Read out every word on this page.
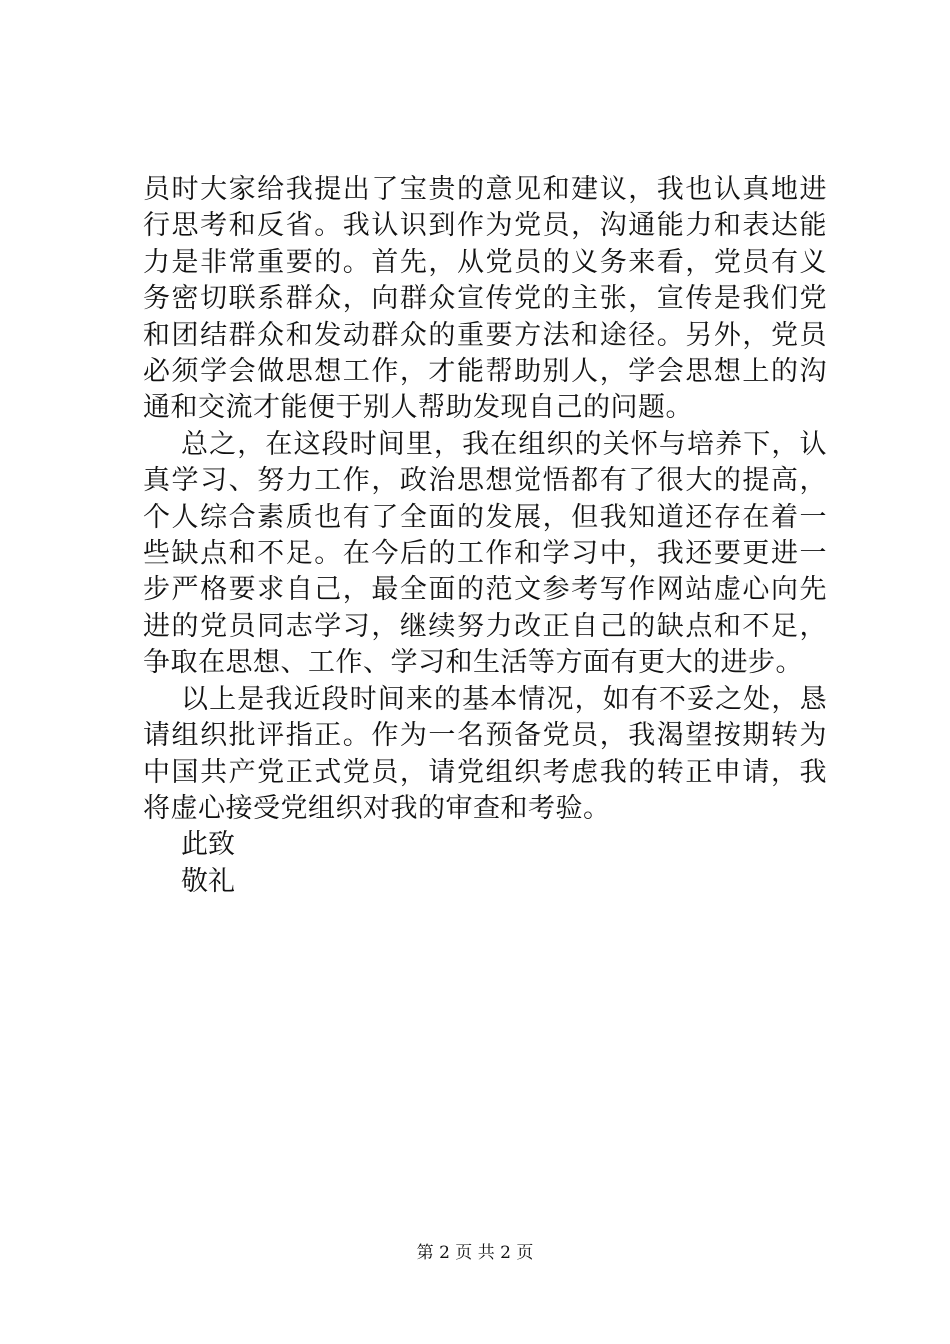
员时大家给我提出了宝贵的意见和建议，我也认真地进行思考和反省。我认识到作为党员，沟通能力和表达能力是非常重要的。首先，从党员的义务来看，党员有义务密切联系群众，向群众宣传党的主张，宣传是我们党和团结群众和发动群众的重要方法和途径。另外，党员必须学会做思想工作，才能帮助别人，学会思想上的沟通和交流才能便于别人帮助发现自己的问题。

总之，在这段时间里，我在组织的关怀与培养下，认真学习、努力工作，政治思想觉悟都有了很大的提高，个人综合素质也有了全面的发展，但我知道还存在着一些缺点和不足。在今后的工作和学习中，我还要更进一步严格要求自己，最全面的范文参考写作网站虚心向先进的党员同志学习，继续努力改正自己的缺点和不足，争取在思想、工作、学习和生活等方面有更大的进步。

以上是我近段时间来的基本情况，如有不妥之处，恳请组织批评指正。作为一名预备党员，我渴望按期转为中国共产党正式党员，请党组织考虑我的转正申请，我将虚心接受党组织对我的审查和考验。

此致

敬礼

第 2 页 共 2 页
